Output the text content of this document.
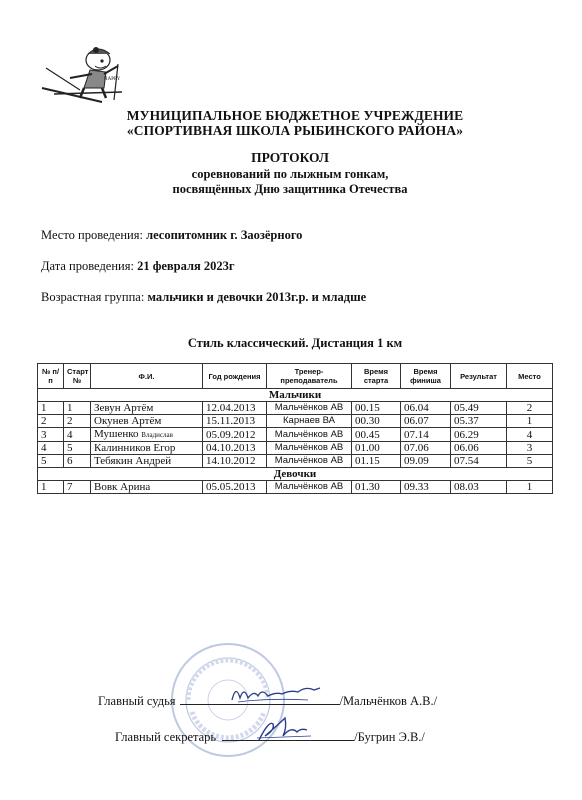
HAPPY
МУНИЦИПАЛЬНОЕ БЮДЖЕТНОЕ УЧРЕЖДЕНИЕ
«СПОРТИВНАЯ ШКОЛА РЫБИНСКОГО РАЙОНА»
ПРОТОКОЛ
соревнований по лыжным гонкам,
посвящённых Дню защитника Отечества
Место проведения: лесопитомник г. Заозёрного
Дата проведения: 21 февраля 2023г
Возрастная группа: мальчики и девочки 2013г.р. и младше
Стиль классический. Дистанция 1 км
№ п/п	Старт №	Ф.И.	Год рождения	Тренер- преподаватель	Время старта	Время финиша	Результат	Место
Мальчики								
1	1	Зевун Артём	12.04.2013	Мальчёнков АВ	00.15	06.04	05.49	2
2	2	Окунев Артём	15.11.2013	Карнаев ВА	00.30	06.07	05.37	1
3	4	Мушенко Владислав	05.09.2012	Мальчёнков АВ	00.45	07.14	06.29	4
4	5	Калинников Егор	04.10.2013	Мальчёнков АВ	01.00	07.06	06.06	3
5	6	Тебякин Андрей	14.10.2012	Мальчёнков АВ	01.15	09.09	07.54	5
Девочки								
1	7	Вовк Арина	05.05.2013	Мальчёнков АВ	01.30	09.33	08.03	1
Главный судья	/Мальчёнков А.В./
Главный секретарь	/Бугрин Э.В./
